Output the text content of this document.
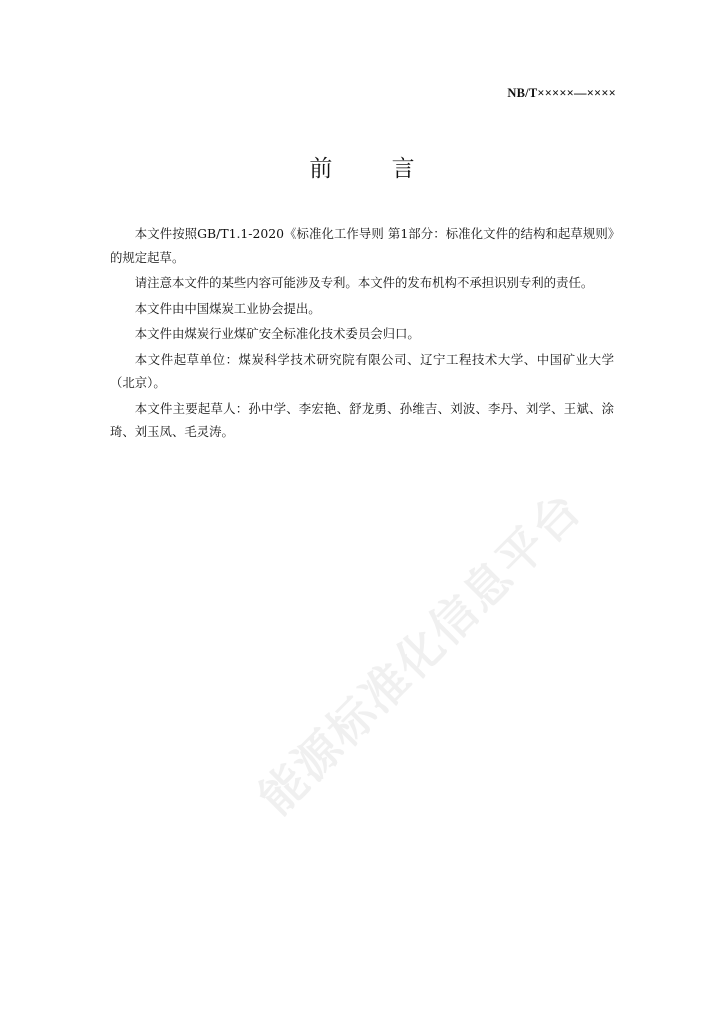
NB/T×××××—××××
前 言

本文件按照GB/T1.1-2020《标准化工作导则 第1部分：标准化文件的结构和起草规则》的规定起草。

请注意本文件的某些内容可能涉及专利。本文件的发布机构不承担识别专利的责任。

本文件由中国煤炭工业协会提出。

本文件由煤炭行业煤矿安全标准化技术委员会归口。

本文件起草单位：煤炭科学技术研究院有限公司、辽宁工程技术大学、中国矿业大学（北京）。

本文件主要起草人：孙中学、李宏艳、舒龙勇、孙维吉、刘波、李丹、刘学、王斌、涂琦、刘玉凤、毛灵涛。

能源标准化信息平台
